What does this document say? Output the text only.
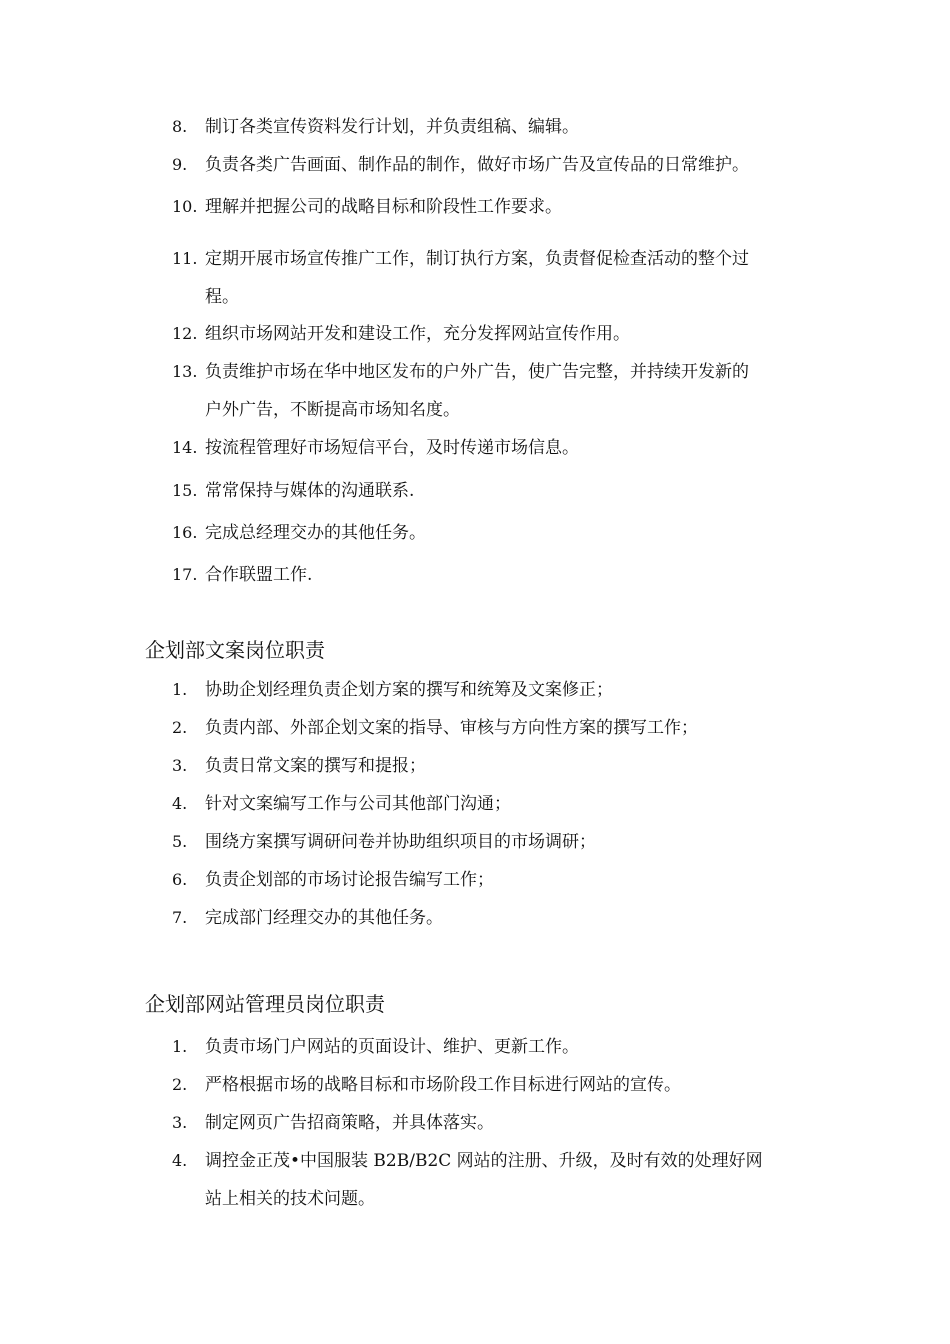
8. 制订各类宣传资料发行计划，并负责组稿、编辑。
9. 负责各类广告画面、制作品的制作，做好市场广告及宣传品的日常维护。
10. 理解并把握公司的战略目标和阶段性工作要求。
11. 定期开展市场宣传推广工作，制订执行方案，负责督促检查活动的整个过
程。
12. 组织市场网站开发和建设工作，充分发挥网站宣传作用。
13. 负责维护市场在华中地区发布的户外广告，使广告完整，并持续开发新的
户外广告，不断提高市场知名度。
14. 按流程管理好市场短信平台，及时传递市场信息。
15. 常常保持与媒体的沟通联系.
16. 完成总经理交办的其他任务。
17. 合作联盟工作.
企划部文案岗位职责
1. 协助企划经理负责企划方案的撰写和统筹及文案修正；
2. 负责内部、外部企划文案的指导、审核与方向性方案的撰写工作；
3. 负责日常文案的撰写和提报；
4. 针对文案编写工作与公司其他部门沟通；
5. 围绕方案撰写调研问卷并协助组织项目的市场调研；
6. 负责企划部的市场讨论报告编写工作；
7. 完成部门经理交办的其他任务。
企划部网站管理员岗位职责
1. 负责市场门户网站的页面设计、维护、更新工作。
2. 严格根据市场的战略目标和市场阶段工作目标进行网站的宣传。
3. 制定网页广告招商策略，并具体落实。
4. 调控金正茂•中国服装 B2B/B2C 网站的注册、升级，及时有效的处理好网
站上相关的技术问题。
